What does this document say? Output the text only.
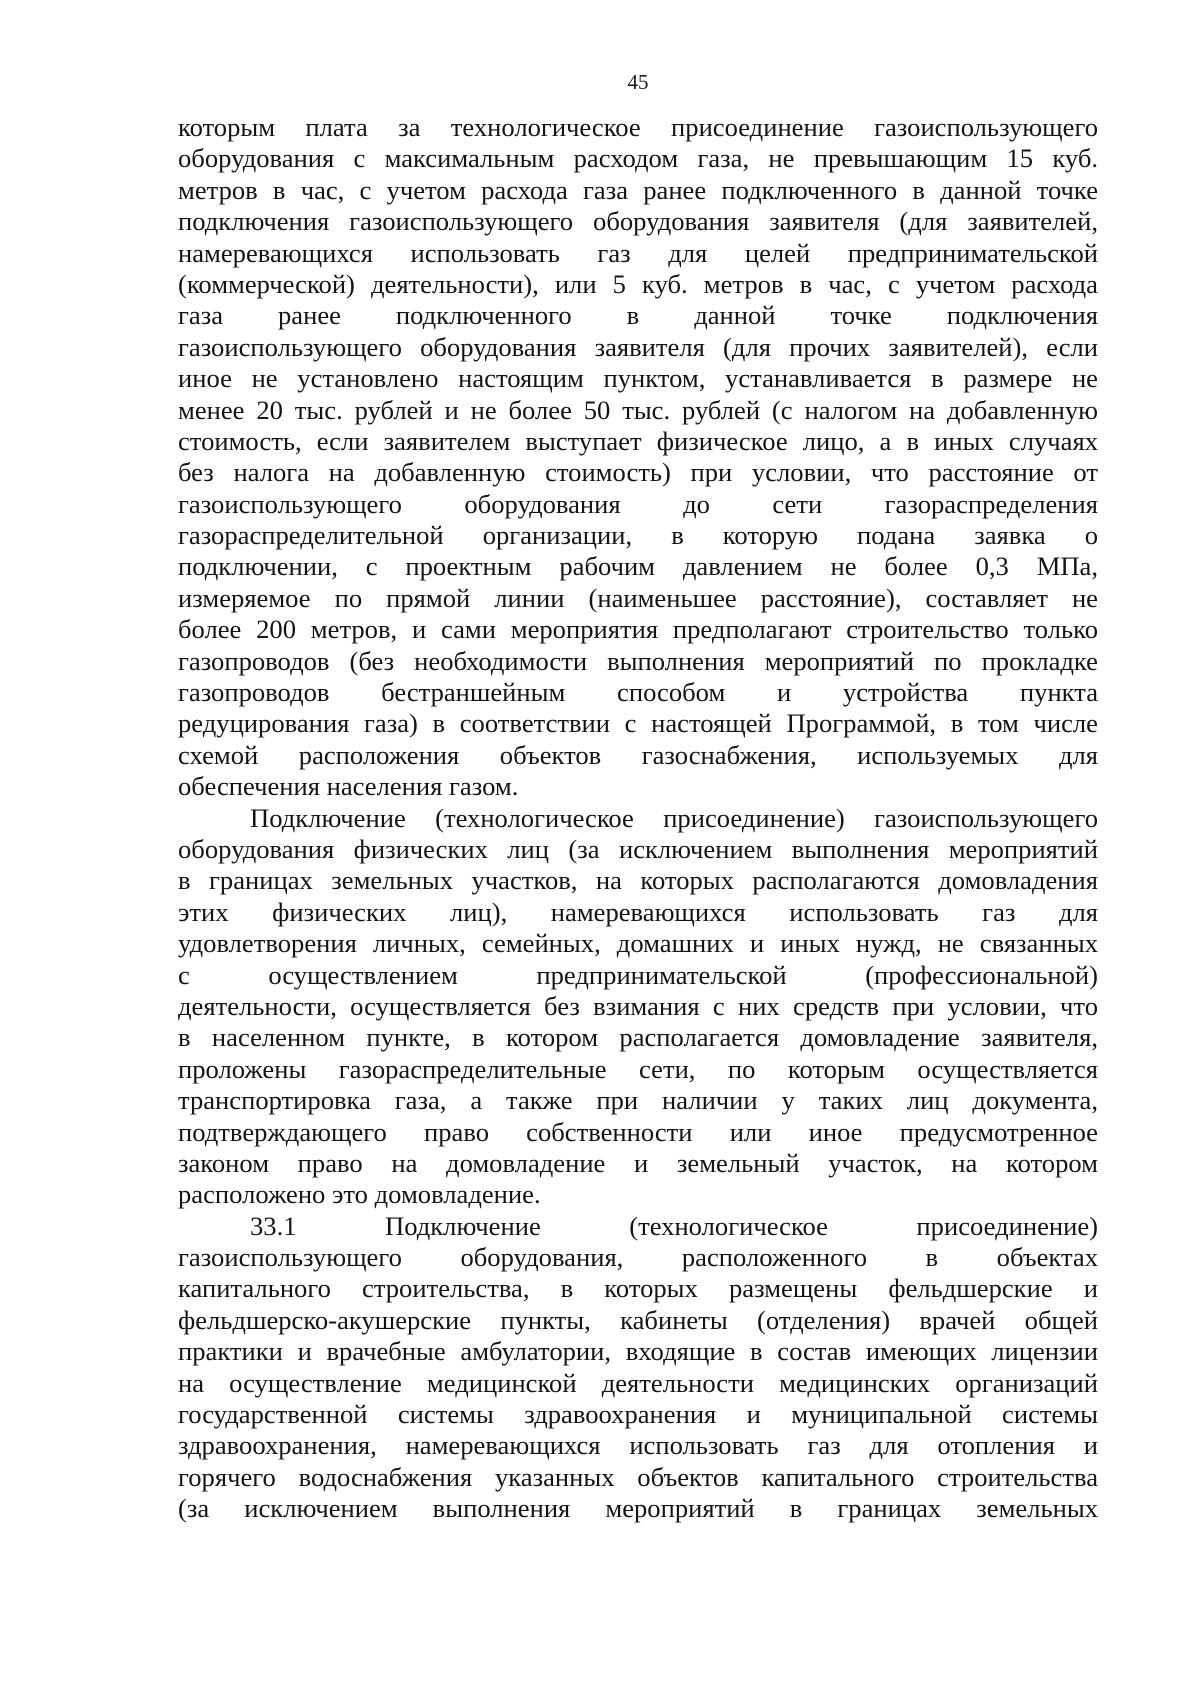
45
которым плата за технологическое присоединение газоиспользующего
оборудования с максимальным расходом газа, не превышающим 15 куб.
метров в час, с учетом расхода газа ранее подключенного в данной точке
подключения газоиспользующего оборудования заявителя (для заявителей,
намеревающихся использовать газ для целей предпринимательской
(коммерческой) деятельности), или 5 куб. метров в час, с учетом расхода
газа ранее подключенного в данной точке подключения
газоиспользующего оборудования заявителя (для прочих заявителей), если
иное не установлено настоящим пунктом, устанавливается в размере не
менее 20 тыс. рублей и не более 50 тыс. рублей (с налогом на добавленную
стоимость, если заявителем выступает физическое лицо, а в иных случаях
без налога на добавленную стоимость) при условии, что расстояние от
газоиспользующего оборудования до сети газораспределения
газораспределительной организации, в которую подана заявка о
подключении, с проектным рабочим давлением не более 0,3 МПа,
измеряемое по прямой линии (наименьшее расстояние), составляет не
более 200 метров, и сами мероприятия предполагают строительство только
газопроводов (без необходимости выполнения мероприятий по прокладке
газопроводов бестраншейным способом и устройства пункта
редуцирования газа) в соответствии с настоящей Программой, в том числе
схемой расположения объектов газоснабжения, используемых для
обеспечения населения газом.
Подключение (технологическое присоединение) газоиспользующего
оборудования физических лиц (за исключением выполнения мероприятий
в границах земельных участков, на которых располагаются домовладения
этих физических лиц), намеревающихся использовать газ для
удовлетворения личных, семейных, домашних и иных нужд, не связанных
с осуществлением предпринимательской (профессиональной)
деятельности, осуществляется без взимания с них средств при условии, что
в населенном пункте, в котором располагается домовладение заявителя,
проложены газораспределительные сети, по которым осуществляется
транспортировка газа, а также при наличии у таких лиц документа,
подтверждающего право собственности или иное предусмотренное
законом право на домовладение и земельный участок, на котором
расположено это домовладение.
33.1 Подключение (технологическое присоединение)
газоиспользующего оборудования, расположенного в объектах
капитального строительства, в которых размещены фельдшерские и
фельдшерско-акушерские пункты, кабинеты (отделения) врачей общей
практики и врачебные амбулатории, входящие в состав имеющих лицензии
на осуществление медицинской деятельности медицинских организаций
государственной системы здравоохранения и муниципальной системы
здравоохранения, намеревающихся использовать газ для отопления и
горячего водоснабжения указанных объектов капитального строительства
(за исключением выполнения мероприятий в границах земельных
